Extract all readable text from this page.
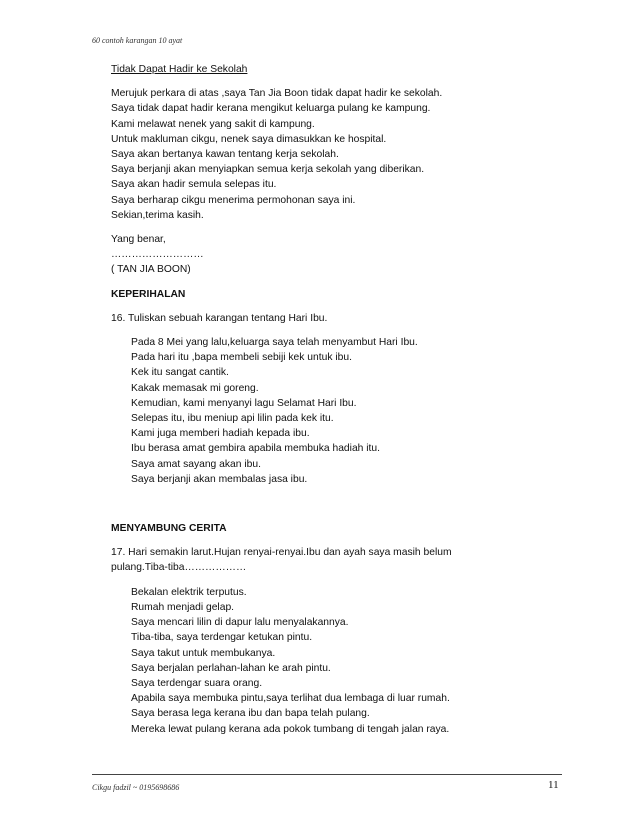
60 contoh karangan 10 ayat
Tidak Dapat Hadir ke Sekolah
Merujuk perkara di atas ,saya Tan Jia Boon tidak dapat hadir ke sekolah.
Saya tidak dapat hadir kerana mengikut keluarga pulang ke kampung.
Kami melawat nenek yang sakit di kampung.
Untuk makluman cikgu, nenek saya dimasukkan ke hospital.
Saya akan bertanya kawan tentang kerja sekolah.
Saya berjanji akan menyiapkan semua kerja sekolah yang diberikan.
Saya akan hadir semula selepas itu.
Saya berharap cikgu menerima permohonan saya ini.
Sekian,terima kasih.
Yang benar,
………………………
( TAN JIA BOON)
KEPERIHALAN
16. Tuliskan sebuah karangan tentang Hari Ibu.
Pada 8 Mei yang lalu,keluarga saya telah menyambut Hari Ibu.
Pada hari itu ,bapa membeli sebiji kek untuk ibu.
Kek itu sangat cantik.
Kakak memasak mi goreng.
Kemudian, kami menyanyi lagu Selamat Hari Ibu.
Selepas itu, ibu meniup api lilin pada kek itu.
Kami juga memberi hadiah kepada ibu.
Ibu berasa amat gembira apabila membuka hadiah itu.
Saya amat sayang akan ibu.
Saya berjanji akan membalas jasa ibu.
MENYAMBUNG CERITA
17. Hari semakin larut.Hujan renyai-renyai.Ibu dan ayah saya masih belum
pulang.Tiba-tiba………………
Bekalan elektrik terputus.
Rumah menjadi gelap.
Saya mencari lilin di dapur lalu menyalakannya.
Tiba-tiba, saya terdengar ketukan pintu.
Saya takut untuk membukanya.
Saya berjalan perlahan-lahan ke arah pintu.
Saya terdengar suara orang.
Apabila saya membuka pintu,saya terlihat dua lembaga di luar rumah.
Saya berasa lega kerana ibu dan bapa telah pulang.
Mereka lewat pulang kerana ada pokok tumbang di tengah jalan raya.
Cikgu fadzil ~ 0195698686	11
